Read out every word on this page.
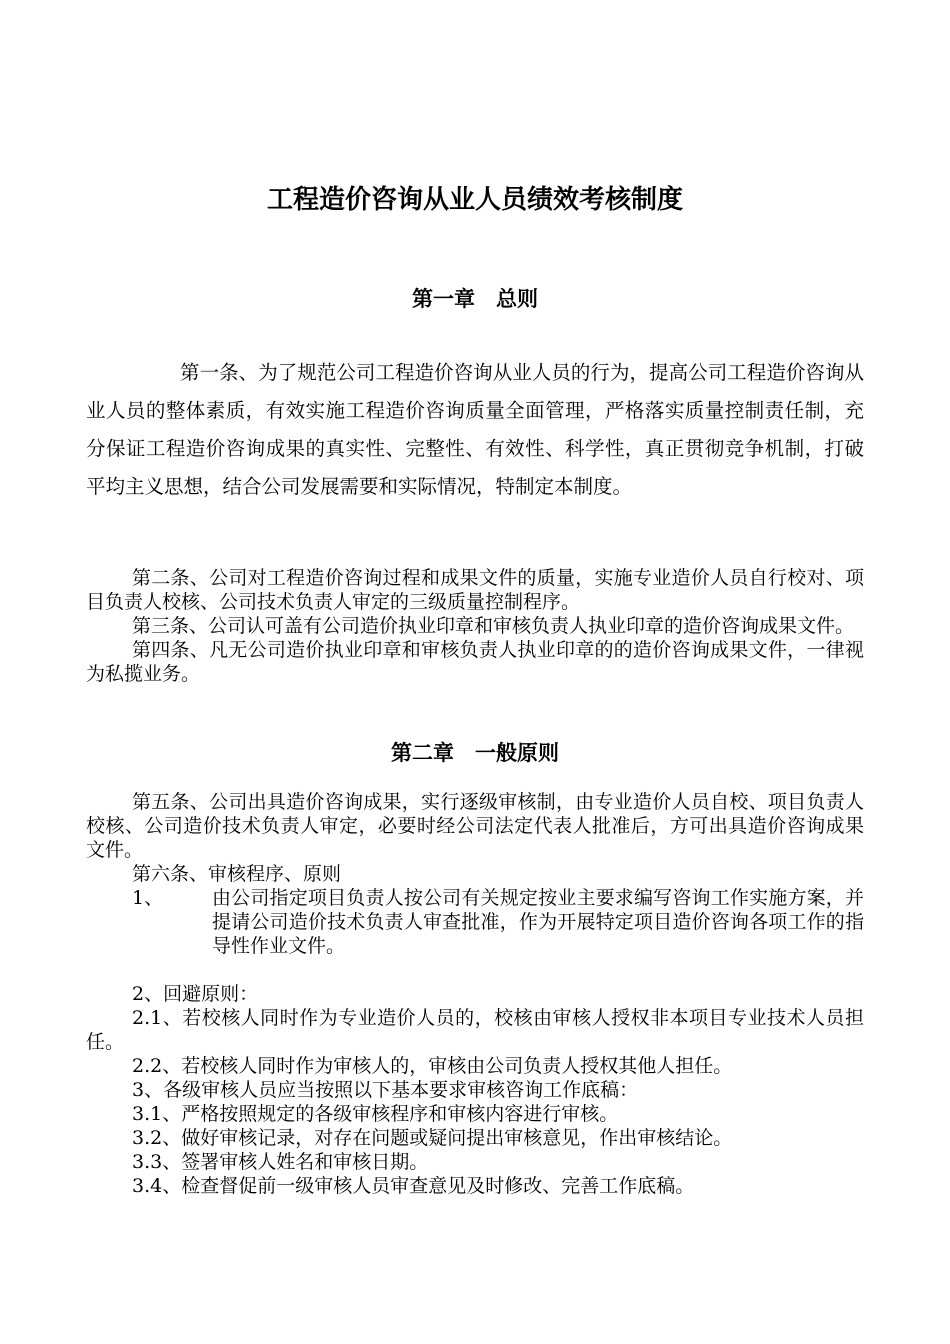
工程造价咨询从业人员绩效考核制度
第一章　总则

第一条、为了规范公司工程造价咨询从业人员的行为，提高公司工程造价咨询从业人员的整体素质，有效实施工程造价咨询质量全面管理，严格落实质量控制责任制，充分保证工程造价咨询成果的真实性、完整性、有效性、科学性，真正贯彻竞争机制，打破平均主义思想，结合公司发展需要和实际情况，特制定本制度。

第二条、公司对工程造价咨询过程和成果文件的质量，实施专业造价人员自行校对、项目负责人校核、公司技术负责人审定的三级质量控制程序。

第三条、公司认可盖有公司造价执业印章和审核负责人执业印章的造价咨询成果文件。

第四条、凡无公司造价执业印章和审核负责人执业印章的的造价咨询成果文件，一律视为私揽业务。

第二章　一般原则

第五条、公司出具造价咨询成果，实行逐级审核制，由专业造价人员自校、项目负责人校核、公司造价技术负责人审定，必要时经公司法定代表人批准后，方可出具造价咨询成果文件。

第六条、审核程序、原则

1、	由公司指定项目负责人按公司有关规定按业主要求编写咨询工作实施方案，并提请公司造价技术负责人审查批准，作为开展特定项目造价咨询各项工作的指导性作业文件。

2、回避原则：

2.1、若校核人同时作为专业造价人员的，校核由审核人授权非本项目专业技术人员担任。

2.2、若校核人同时作为审核人的，审核由公司负责人授权其他人担任。

3、各级审核人员应当按照以下基本要求审核咨询工作底稿：

3.1、严格按照规定的各级审核程序和审核内容进行审核。

3.2、做好审核记录，对存在问题或疑问提出审核意见，作出审核结论。

3.3、签署审核人姓名和审核日期。

3.4、检查督促前一级审核人员审查意见及时修改、完善工作底稿。
